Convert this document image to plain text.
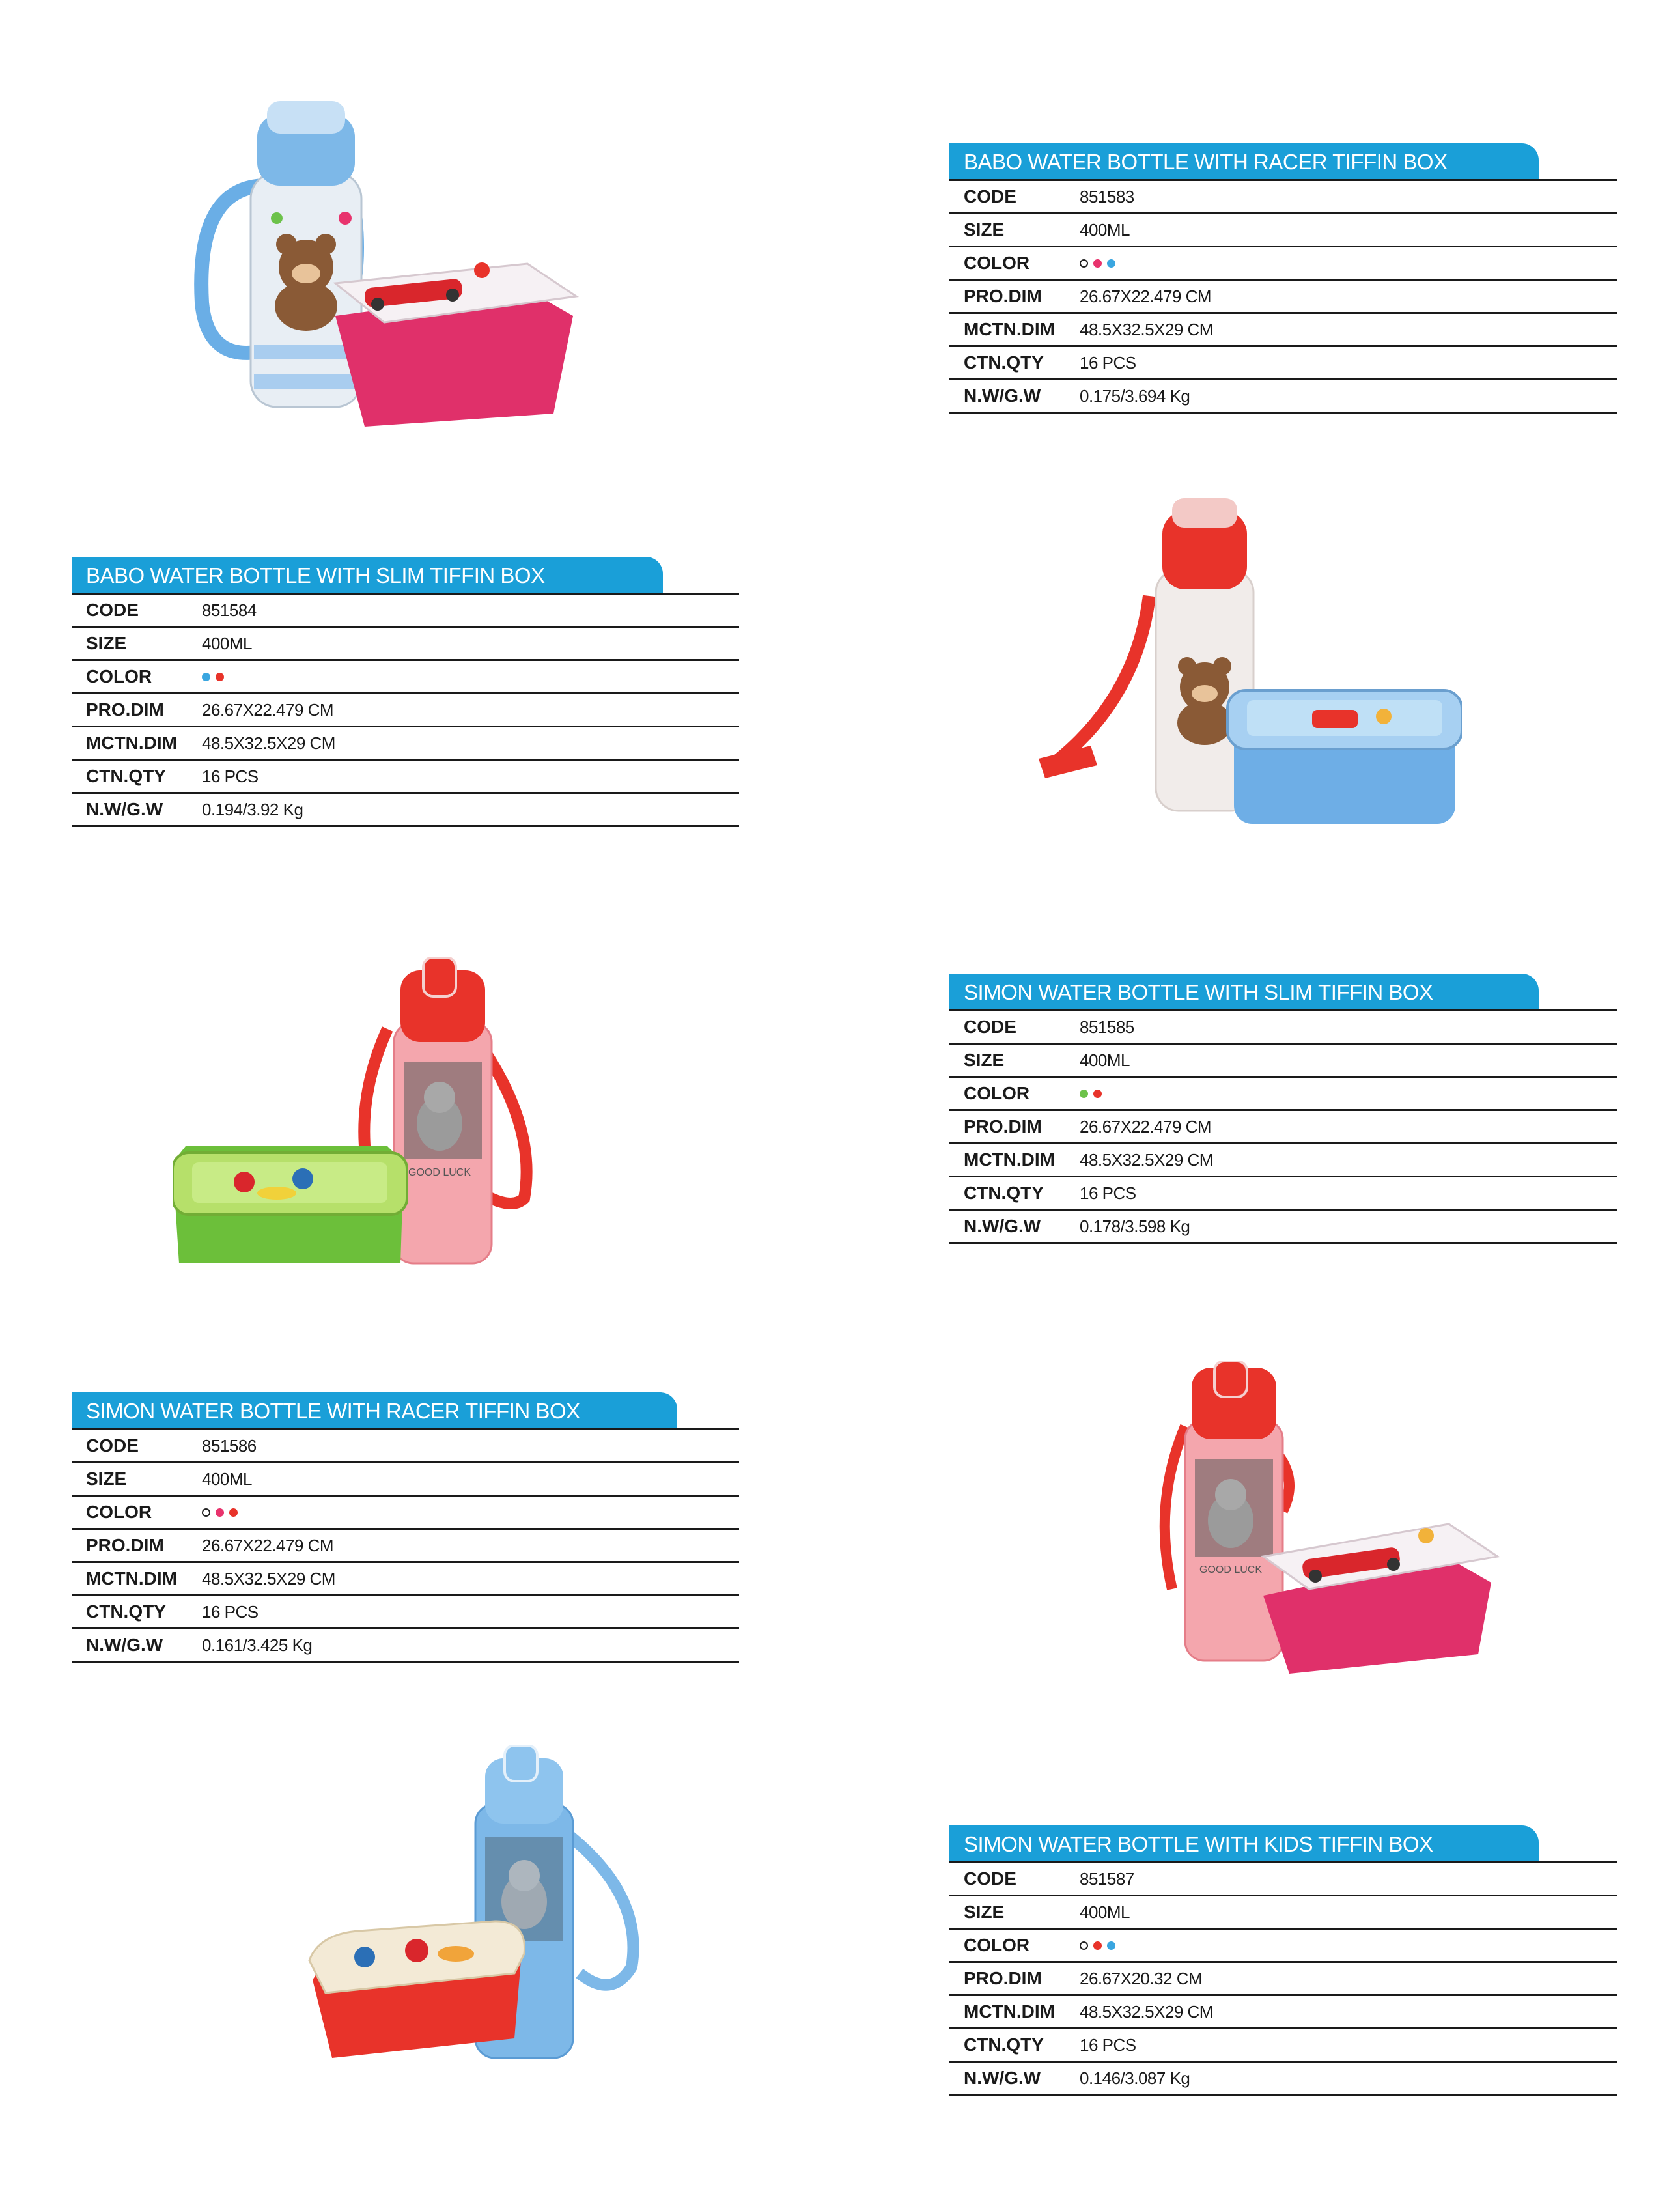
BABO WATER BOTTLE WITH RACER TIFFIN BOX
CODE	851583
SIZE	400ML
COLOR
PRO.DIM	26.67X22.479 CM
MCTN.DIM	48.5X32.5X29 CM
CTN.QTY	16 PCS
N.W/G.W	0.175/3.694 Kg
BABO WATER BOTTLE WITH SLIM TIFFIN BOX
CODE	851584
SIZE	400ML
COLOR
PRO.DIM	26.67X22.479 CM
MCTN.DIM	48.5X32.5X29 CM
CTN.QTY	16 PCS
N.W/G.W	0.194/3.92 Kg
SIMON WATER BOTTLE WITH SLIM TIFFIN BOX
CODE	851585
SIZE	400ML
COLOR
PRO.DIM	26.67X22.479 CM
MCTN.DIM	48.5X32.5X29 CM
CTN.QTY	16 PCS
N.W/G.W	0.178/3.598 Kg
SIMON WATER BOTTLE WITH RACER TIFFIN BOX
CODE	851586
SIZE	400ML
COLOR
PRO.DIM	26.67X22.479 CM
MCTN.DIM	48.5X32.5X29 CM
CTN.QTY	16 PCS
N.W/G.W	0.161/3.425 Kg
SIMON WATER BOTTLE WITH KIDS TIFFIN BOX
CODE	851587
SIZE	400ML
COLOR
PRO.DIM	26.67X20.32 CM
MCTN.DIM	48.5X32.5X29 CM
CTN.QTY	16 PCS
N.W/G.W	0.146/3.087 Kg
GOOD LUCK
GOOD LUCK
